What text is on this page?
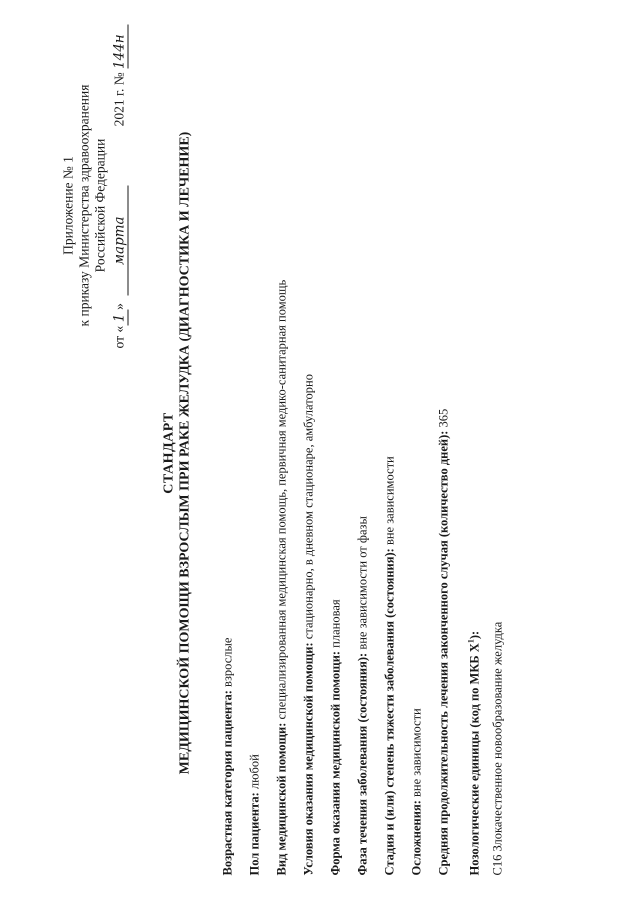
Приложение № 1 к приказу Министерства здравоохранения Российской Федерации
от «1» марта 2021 г. № 144н
СТАНДАРТ МЕДИЦИНСКОЙ ПОМОЩИ ВЗРОСЛЫМ ПРИ РАКЕ ЖЕЛУДКА (ДИАГНОСТИКА И ЛЕЧЕНИЕ)
Возрастная категория пациента: взрослые
Пол пациента: любой Вид медицинской помощи: специализированная медицинская помощь, первичная медико-санитарная помощь
Условия оказания медицинской помощи: стационарно, в дневном стационаре, амбулаторно
Форма оказания медицинской помощи: плановая
Фаза течения заболевания (состояния): вне зависимости от фазы Стадия и (или) степень тяжести заболевания (состояния): вне зависимости
Осложнения: вне зависимости Средняя продолжительность лечения законченного случая (количество дней): 365
Нозологические единицы (код по МКБ $X^1$): C16 Злокачественное новообразование желудка
